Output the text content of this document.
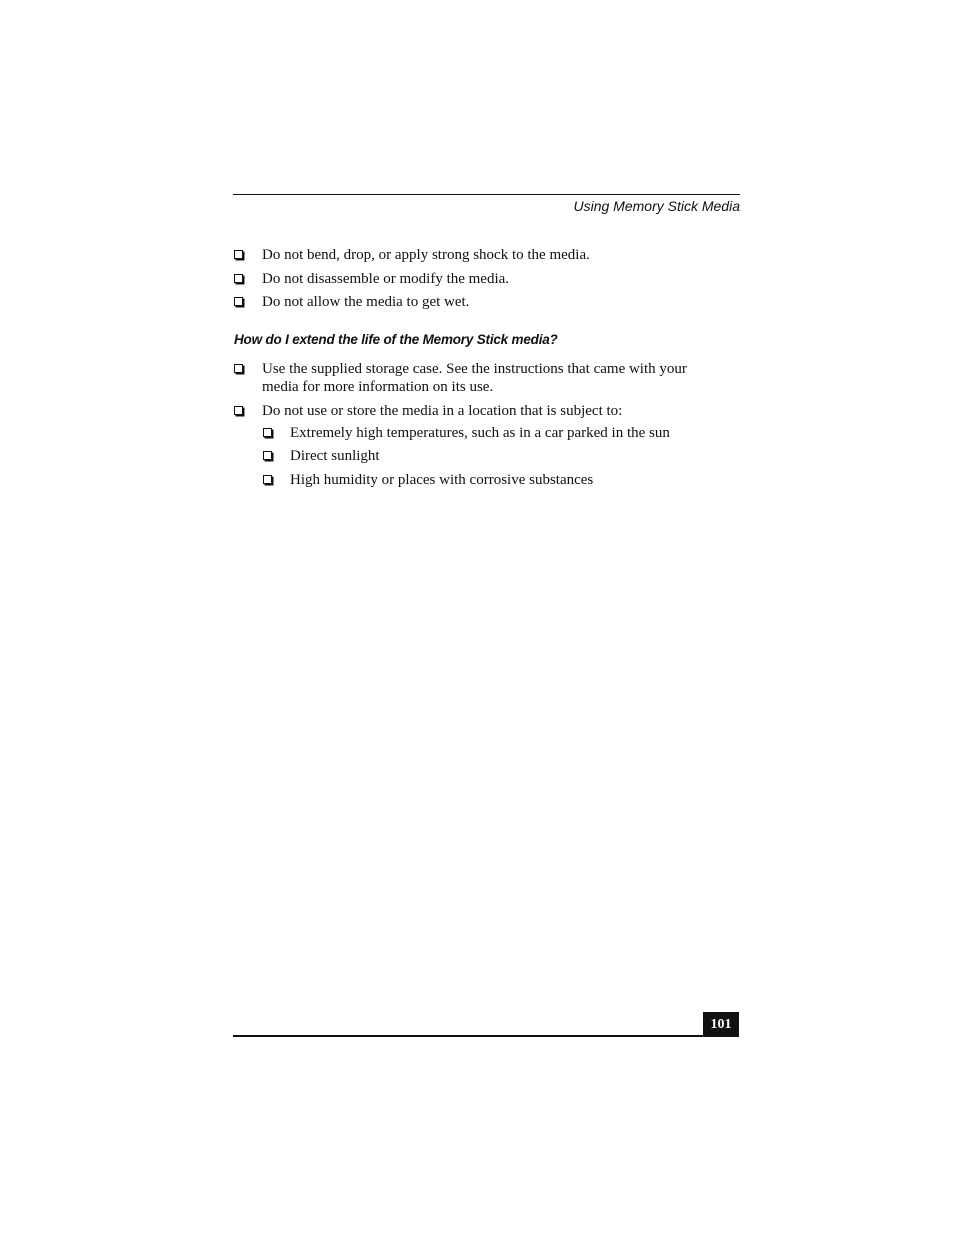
Using Memory Stick Media
Do not bend, drop, or apply strong shock to the media.
Do not disassemble or modify the media.
Do not allow the media to get wet.
How do I extend the life of the Memory Stick media?
Use the supplied storage case. See the instructions that came with your media for more information on its use.
Do not use or store the media in a location that is subject to:
Extremely high temperatures, such as in a car parked in the sun
Direct sunlight
High humidity or places with corrosive substances
101
